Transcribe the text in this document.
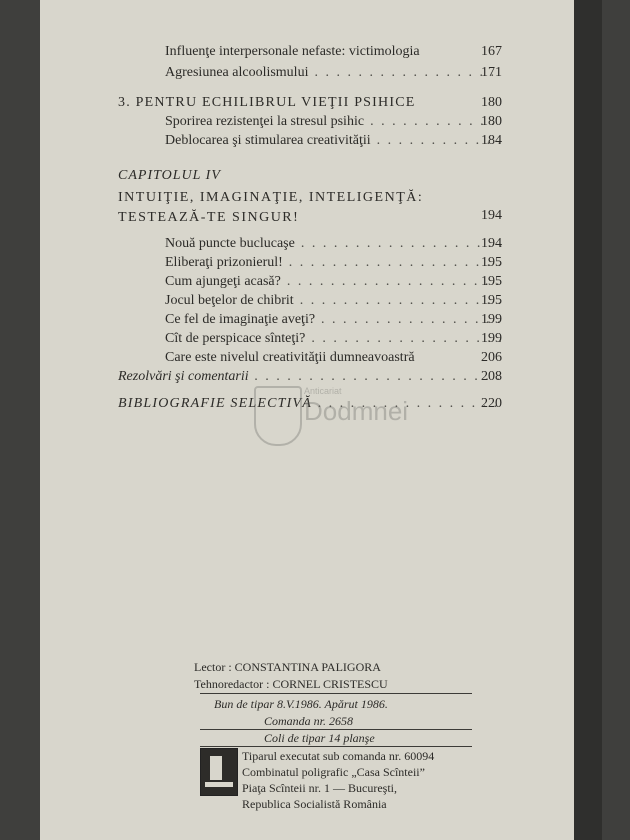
Influenţe interpersonale nefaste: victimologia	167
Agresiunea alcoolismului . . .	171
3. PENTRU ECHILIBRUL VIEŢII PSIHICE	180
Sporirea rezistenţei la stresul psihic . . .	180
Deblocarea şi stimularea creativităţii . . .	184
CAPITOLUL IV
INTUIŢIE, IMAGINAŢIE, INTELIGENŢĂ:
TESTEAZĂ-TE SINGUR!	194
Nouă puncte buclucaşe . . .	194
Eliberaţi prizonierul! . . .	195
Cum ajungeţi acasă? . . .	195
Jocul beţelor de chibrit . . .	195
Ce fel de imaginaţie aveţi? . . .	199
Cît de perspicace sînteţi? . . .	199
Care este nivelul creativităţii dumneavoastră	206
Rezolvări şi comentarii . . .	208
BIBLIOGRAFIE SELECTIVĂ . . .	220
Anticariat
Dodmnei
Lector : CONSTANTINA PALIGORA
Tehnoredactor : CORNEL CRISTESCU
Bun de tipar 8.V.1986. Apărut 1986.
Comanda nr. 2658
Coli de tipar 14 planşe
Tiparul executat sub comanda nr. 60094
Combinatul poligrafic „Casa Scînteii”
Piaţa Scînteii nr. 1 — Bucureşti,
Republica Socialistă România
